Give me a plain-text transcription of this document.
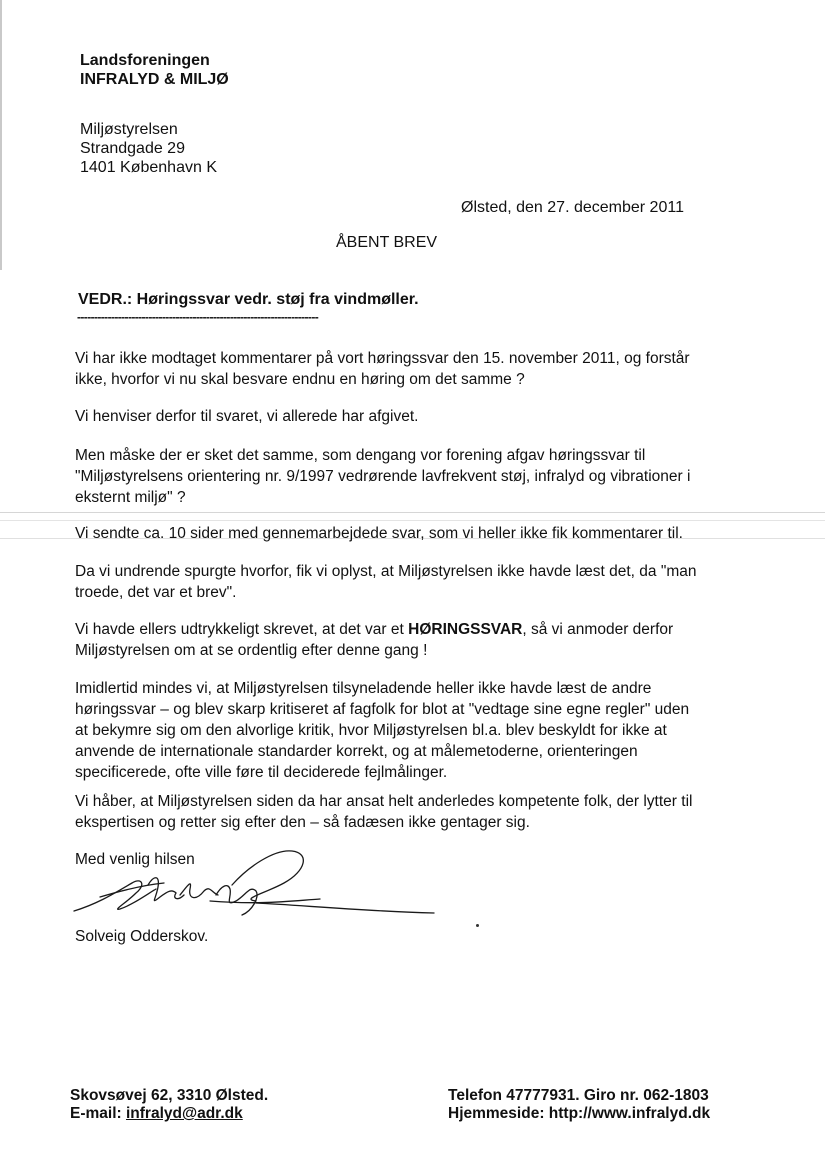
Landsforeningen
INFRALYD & MILJØ
Miljøstyrelsen
Strandgade 29
1401 København K
Ølsted, den 27. december 2011
ÅBENT BREV
VEDR.: Høringssvar vedr. støj fra vindmøller.
-----------------------------------------------------------------------
Vi har ikke modtaget kommentarer på vort høringssvar den 15. november 2011, og forstår
ikke, hvorfor vi nu skal besvare endnu en høring om det samme ?
Vi henviser derfor til svaret, vi allerede har afgivet.
Men måske der er sket det samme, som dengang vor forening afgav høringssvar til
"Miljøstyrelsens orientering nr. 9/1997 vedrørende lavfrekvent støj, infralyd og vibrationer i
eksternt miljø" ?
Vi sendte ca. 10 sider med gennemarbejdede svar, som vi heller ikke fik kommentarer til.
Da vi undrende spurgte hvorfor, fik vi oplyst, at Miljøstyrelsen ikke havde læst det, da "man
troede, det var et brev".
Vi havde ellers udtrykkeligt skrevet, at det var et HØRINGSSVAR, så vi anmoder derfor
Miljøstyrelsen om at se ordentlig efter denne gang !
Imidlertid mindes vi, at Miljøstyrelsen tilsyneladende heller ikke havde læst de andre
høringssvar – og blev skarp kritiseret af fagfolk for blot at "vedtage sine egne regler" uden
at bekymre sig om den alvorlige kritik, hvor Miljøstyrelsen bl.a. blev beskyldt for ikke at
anvende de internationale standarder korrekt, og at målemetoderne, orienteringen
specificerede, ofte ville føre til deciderede fejlmålinger.
Vi håber, at Miljøstyrelsen siden da har ansat helt anderledes kompetente folk, der lytter til
ekspertisen og retter sig efter den – så fadæsen ikke gentager sig.
Med venlig hilsen
Solveig Odderskov.
Skovsøvej 62, 3310 Ølsted.
E-mail: infralyd@adr.dk
Telefon 47777931. Giro nr. 062-1803
Hjemmeside: http://www.infralyd.dk
